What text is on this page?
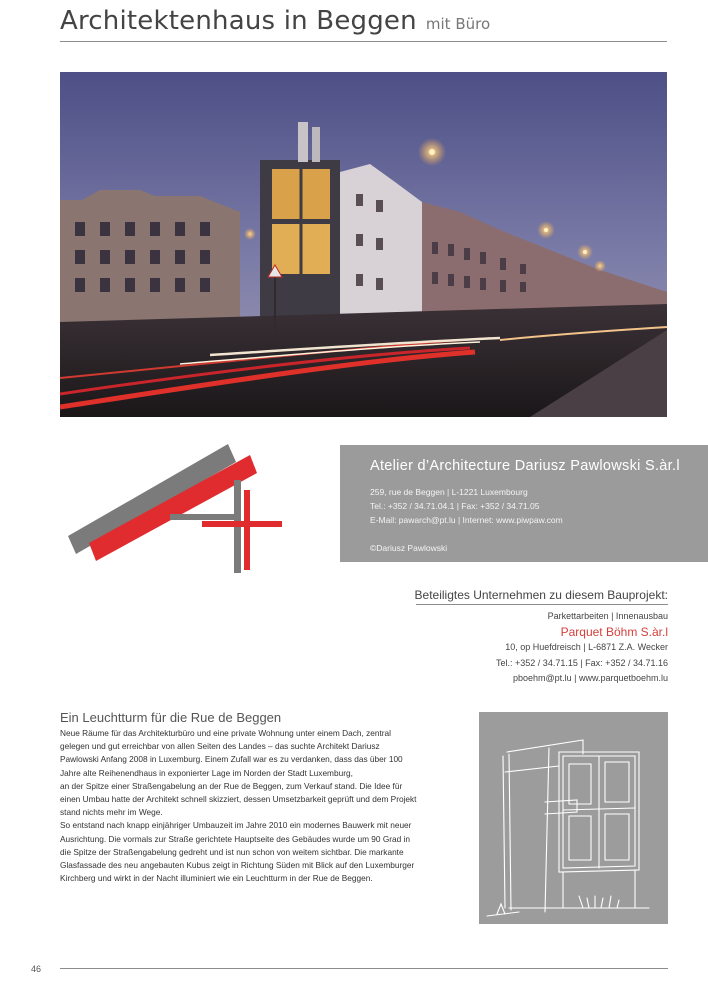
Architektenhaus in Beggen mit Büro
Atelier d’Architecture Dariusz Pawlowski S.àr.l
259, rue de Beggen | L-1221 Luxembourg
Tel.: +352 / 34.71.04.1 | Fax: +352 / 34.71.05
E-Mail: pawarch@pt.lu | Internet: www.piwpaw.com
©Dariusz Pawlowski
Beteiligtes Unternehmen zu diesem Bauprojekt:
Parkettarbeiten | Innenausbau
Parquet Böhm S.àr.l
10, op Huefdreisch | L-6871 Z.A. Wecker
Tel.: +352 / 34.71.15 | Fax: +352 / 34.71.16
pboehm@pt.lu | www.parquetboehm.lu
Ein Leuchtturm für die Rue de Beggen

Neue Räume für das Architekturbüro und eine private Wohnung unter einem Dach, zentral gelegen und gut erreichbar von allen Seiten des Landes – das suchte Architekt Dariusz Pawlowski Anfang 2008 in Luxemburg. Einem Zufall war es zu verdanken, dass das über 100 Jahre alte Reihenendhaus in exponierter Lage im Norden der Stadt Luxemburg,

an der Spitze einer Straßengabelung an der Rue de Beggen, zum Verkauf stand. Die Idee für einen Umbau hatte der Architekt schnell skizziert, dessen Umsetzbarkeit geprüft und dem Projekt stand nichts mehr im Wege.

So entstand nach knapp einjähriger Umbauzeit im Jahre 2010 ein modernes Bauwerk mit neuer Ausrichtung. Die vormals zur Straße gerichtete Hauptseite des Gebäudes wurde um 90 Grad in die Spitze der Straßengabelung gedreht und ist nun schon von weitem sichtbar. Die markante Glasfassade des neu angebauten Kubus zeigt in Richtung Süden mit Blick auf den Luxemburger Kirchberg und wirkt in der Nacht illuminiert wie ein Leuchtturm in der Rue de Beggen.

46
